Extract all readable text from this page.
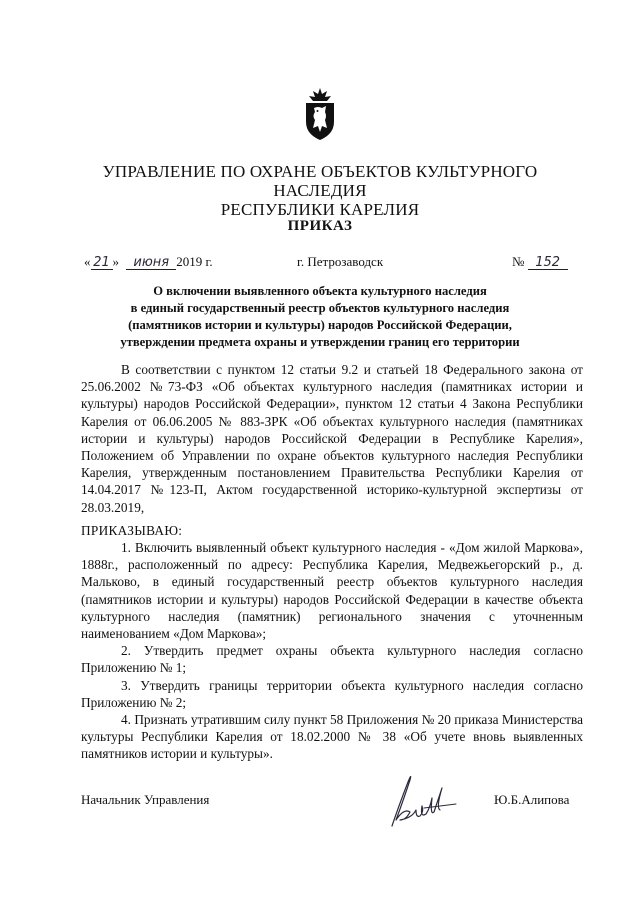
УПРАВЛЕНИЕ ПО ОХРАНЕ ОБЪЕКТОВ КУЛЬТУРНОГО НАСЛЕДИЯ
РЕСПУБЛИКИ КАРЕЛИЯ
ПРИКАЗ
« 21 » июня 2019 г.	г. Петрозаводск	№ 152
О включении выявленного объекта культурного наследия
в единый государственный реестр объектов культурного наследия
(памятников истории и культуры) народов Российской Федерации,
утверждении предмета охраны и утверждении границ его территории

В соответствии с пунктом 12 статьи 9.2 и статьей 18 Федерального закона от 25.06.2002 №73-ФЗ «Об объектах культурного наследия (памятниках истории и культуры) народов Российской Федерации», пунктом 12 статьи 4 Закона Республики Карелия от 06.06.2005 № 883-ЗРК «Об объектах культурного наследия (памятниках истории и культуры) народов Российской Федерации в Республике Карелия», Положением об Управлении по охране объектов культурного наследия Республики Карелия, утвержденным постановлением Правительства Республики Карелия от 14.04.2017 №123-П, Актом государственной историко-культурной экспертизы от 28.03.2019,

ПРИКАЗЫВАЮ:

1. Включить выявленный объект культурного наследия - «Дом жилой Маркова», 1888г., расположенный по адресу: Республика Карелия, Медвежьегорский р., д. Мальково, в единый государственный реестр объектов культурного наследия (памятников истории и культуры) народов Российской Федерации в качестве объекта культурного наследия (памятник) регионального значения с уточненным наименованием «Дом Маркова»;

2. Утвердить предмет охраны объекта культурного наследия согласно Приложению № 1;

3. Утвердить границы территории объекта культурного наследия согласно Приложению № 2;

4. Признать утратившим силу пункт 58 Приложения № 20 приказа Министерства культуры Республики Карелия от 18.02.2000 № 38 «Об учете вновь выявленных памятников истории и культуры».

Начальник Управления	Ю.Б.Алипова
